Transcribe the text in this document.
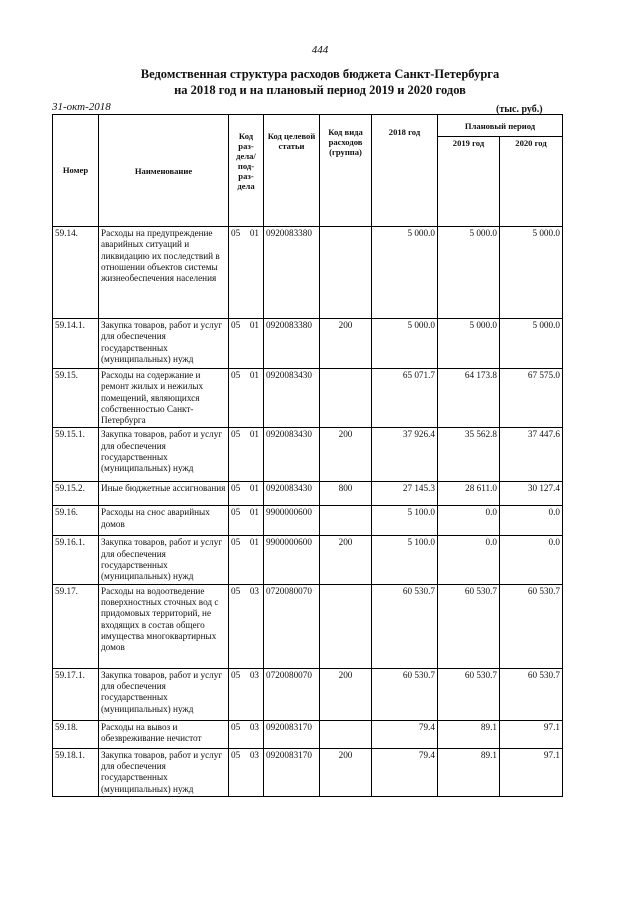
444
Ведомственная структура расходов бюджета Санкт-Петербурга
на 2018 год и на плановый период 2019 и 2020 годов
31-окт-2018	(тыс. руб.)
Номер	Наименование	Код раз-дела/ под-раз-дела	Код целевой статьи	Код вида расходов (группа)	2018 год	Плановый период	
						2019 год	2020 год
59.14.	Расходы на предупреждение аварийных ситуаций и ликвидацию их последствий в отношении объектов системы жизнеобеспечения населения	05 01	0920083380		5 000.0	5 000.0	5 000.0
59.14.1.	Закупка товаров, работ и услуг для обеспечения государственных (муниципальных) нужд	05 01	0920083380	200	5 000.0	5 000.0	5 000.0
59.15.	Расходы на содержание и ремонт жилых и нежилых помещений, являющихся собственностью Санкт-Петербурга	05 01	0920083430		65 071.7	64 173.8	67 575.0
59.15.1.	Закупка товаров, работ и услуг для обеспечения государственных (муниципальных) нужд	05 01	0920083430	200	37 926.4	35 562.8	37 447.6
59.15.2.	Иные бюджетные ассигнования	05 01	0920083430	800	27 145.3	28 611.0	30 127.4
59.16.	Расходы на снос аварийных домов	05 01	9900000600		5 100.0	0.0	0.0
59.16.1.	Закупка товаров, работ и услуг для обеспечения государственных (муниципальных) нужд	05 01	9900000600	200	5 100.0	0.0	0.0
59.17.	Расходы на водоотведение поверхностных сточных вод с придомовых территорий, не входящих в состав общего имущества многоквартирных домов	05 03	0720080070		60 530.7	60 530.7	60 530.7
59.17.1.	Закупка товаров, работ и услуг для обеспечения государственных (муниципальных) нужд	05 03	0720080070	200	60 530.7	60 530.7	60 530.7
59.18.	Расходы на вывоз и обезвреживание нечистот	05 03	0920083170		79.4	89.1	97.1
59.18.1.	Закупка товаров, работ и услуг для обеспечения государственных (муниципальных) нужд	05 03	0920083170	200	79.4	89.1	97.1
